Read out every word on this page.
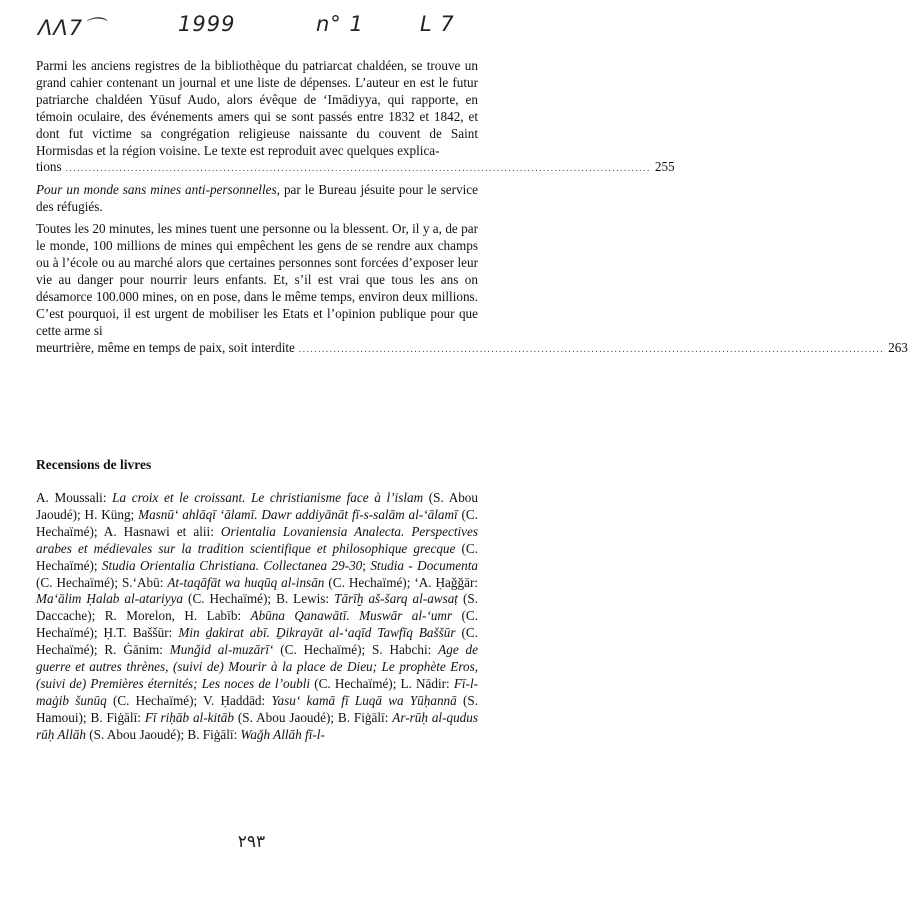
ΛΛ7⌒	1999	n° 1	L 7

Parmi les anciens registres de la bibliothèque du patriarcat chaldéen, se trouve un grand cahier contenant un journal et une liste de dépenses. L’auteur en est le futur patriarche chaldéen Yūsuf Audo, alors évêque de ‘Imādiyya, qui rapporte, en témoin oculaire, des événements amers qui se sont passés entre 1832 et 1842, et dont fut victime sa congrégation religieuse naissante du couvent de Saint Hormisdas et la région voisine. Le texte est reproduit avec quelques explica-

tions ........................................................................................................................................................ 255

Pour un monde sans mines anti-personnelles, par le Bureau jésuite pour le service des réfugiés.

Toutes les 20 minutes, les mines tuent une personne ou la blessent. Or, il y a, de par le monde, 100 millions de mines qui empêchent les gens de se rendre aux champs ou à l’école ou au marché alors que certaines personnes sont forcées d’exposer leur vie au danger pour nourrir leurs enfants. Et, s’il est vrai que tous les ans on désamorce 100.000 mines, on en pose, dans le même temps, environ deux millions. C’est pourquoi, il est urgent de mobiliser les Etats et l’opinion publique pour que cette arme si

meurtrière, même en temps de paix, soit interdite ........................................................................................................................................................ 263
Recensions de livres

A. Moussali: La croix et le croissant. Le christianisme face à l’islam (S. Abou Jaoudé); H. Küng; Masnū‘ ahlāqī ‘ālamī. Dawr addiyānāt fī-s-salām al-‘ālamī (C. Hechaïmé); A. Hasnawi et alii: Orientalia Lovaniensia Analecta. Perspectives arabes et médievales sur la tradition scientifique et philosophique grecque (C. Hechaïmé); Studia Orientalia Christiana. Collectanea 29-30; Studia - Documenta (C. Hechaïmé); S.‘Abū: At-taqāfāt wa huqūq al-insān (C. Hechaïmé); ‘A. Ḥaǧǧār: Ma‘ālim Ḥalab al-atariyya (C. Hechaïmé); B. Lewis: Tārīḫ aš-šarq al-awsaṭ (S. Daccache); R. Morelon, H. Labīb: Abūna Qanawātī. Muswār al-‘umr (C. Hechaïmé); Ḥ.T. Baššūr: Min ḏakirat abī. Ḏikrayāt al-‘aqīd Tawfīq Baššūr (C. Hechaïmé); R. Ġānim: Munǧid al-muzārī‘ (C. Hechaïmé); S. Habchi: Age de guerre et autres thrènes, (suivi de) Mourir à la place de Dieu; Le prophète Eros, (suivi de) Premières éternités; Les noces de l’oubli (C. Hechaïmé); L. Nādir: Fī-l-maġib šunūq (C. Hechaïmé); V. Ḥaddād: Yasu‘ kamā fī Luqā wa Yūḥannā (S. Hamoui); B. Fiġālī: Fī riḥāb al-kitāb (S. Abou Jaoudé); B. Fiġālī: Ar-rūḥ al-qudus rūḥ Allāh (S. Abou Jaoudé); B. Fiġālī: Waǧh Allāh fī-l-

٢٩٣
